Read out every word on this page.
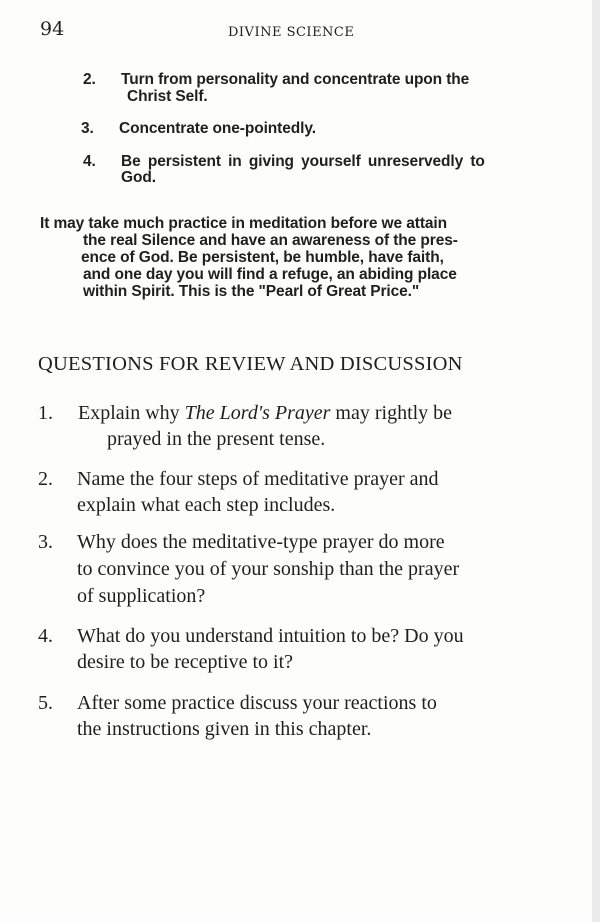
94	DIVINE SCIENCE
2. Turn from personality and concentrate upon the
Christ Self.
3. Concentrate one-pointedly.
4. Be persistent in giving yourself unreservedly to
God.
It may take much practice in meditation before we attain
the real Silence and have an awareness of the pres-
ence of God. Be persistent, be humble, have faith,
and one day you will find a refuge, an abiding place
within Spirit. This is the "Pearl of Great Price."
QUESTIONS FOR REVIEW AND DISCUSSION
1. Explain why The Lord's Prayer may rightly be
prayed in the present tense.
2. Name the four steps of meditative prayer and
explain what each step includes.
3. Why does the meditative-type prayer do more
to convince you of your sonship than the prayer
of supplication?
4. What do you understand intuition to be? Do you
desire to be receptive to it?
5. After some practice discuss your reactions to
the instructions given in this chapter.
